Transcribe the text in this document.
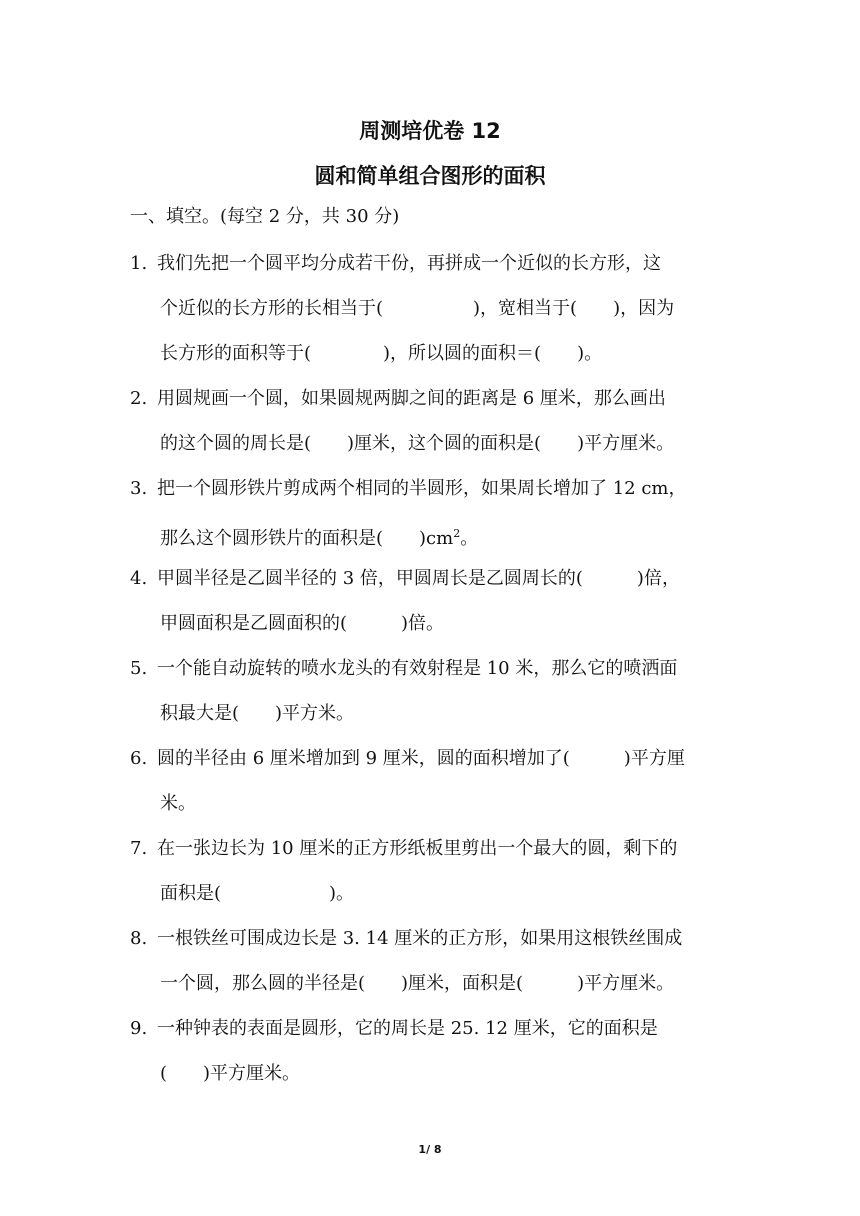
周测培优卷 12
圆和简单组合图形的面积
一、填空。(每空 2 分，共 30 分)
1. 我们先把一个圆平均分成若干份，再拼成一个近似的长方形，这
个近似的长方形的长相当于(　　　　　)，宽相当于(　　)，因为
长方形的面积等于(　　　　)，所以圆的面积＝(　　)。
2. 用圆规画一个圆，如果圆规两脚之间的距离是 6 厘米，那么画出
的这个圆的周长是(　　)厘米，这个圆的面积是(　　)平方厘米。
3. 把一个圆形铁片剪成两个相同的半圆形，如果周长增加了 12 cm，
那么这个圆形铁片的面积是(　　)$cm^2$。
4. 甲圆半径是乙圆半径的 3 倍，甲圆周长是乙圆周长的(　　　)倍，
甲圆面积是乙圆面积的(　　　)倍。
5. 一个能自动旋转的喷水龙头的有效射程是 10 米，那么它的喷洒面
积最大是(　　)平方米。
6. 圆的半径由 6 厘米增加到 9 厘米，圆的面积增加了(　　　)平方厘
米。
7. 在一张边长为 10 厘米的正方形纸板里剪出一个最大的圆，剩下的
面积是(　　　　　　)。
8. 一根铁丝可围成边长是 3. 14 厘米的正方形，如果用这根铁丝围成
一个圆，那么圆的半径是(　　)厘米，面积是(　　　)平方厘米。
9. 一种钟表的表面是圆形，它的周长是 25. 12 厘米，它的面积是
(　　)平方厘米。
1/ 8
